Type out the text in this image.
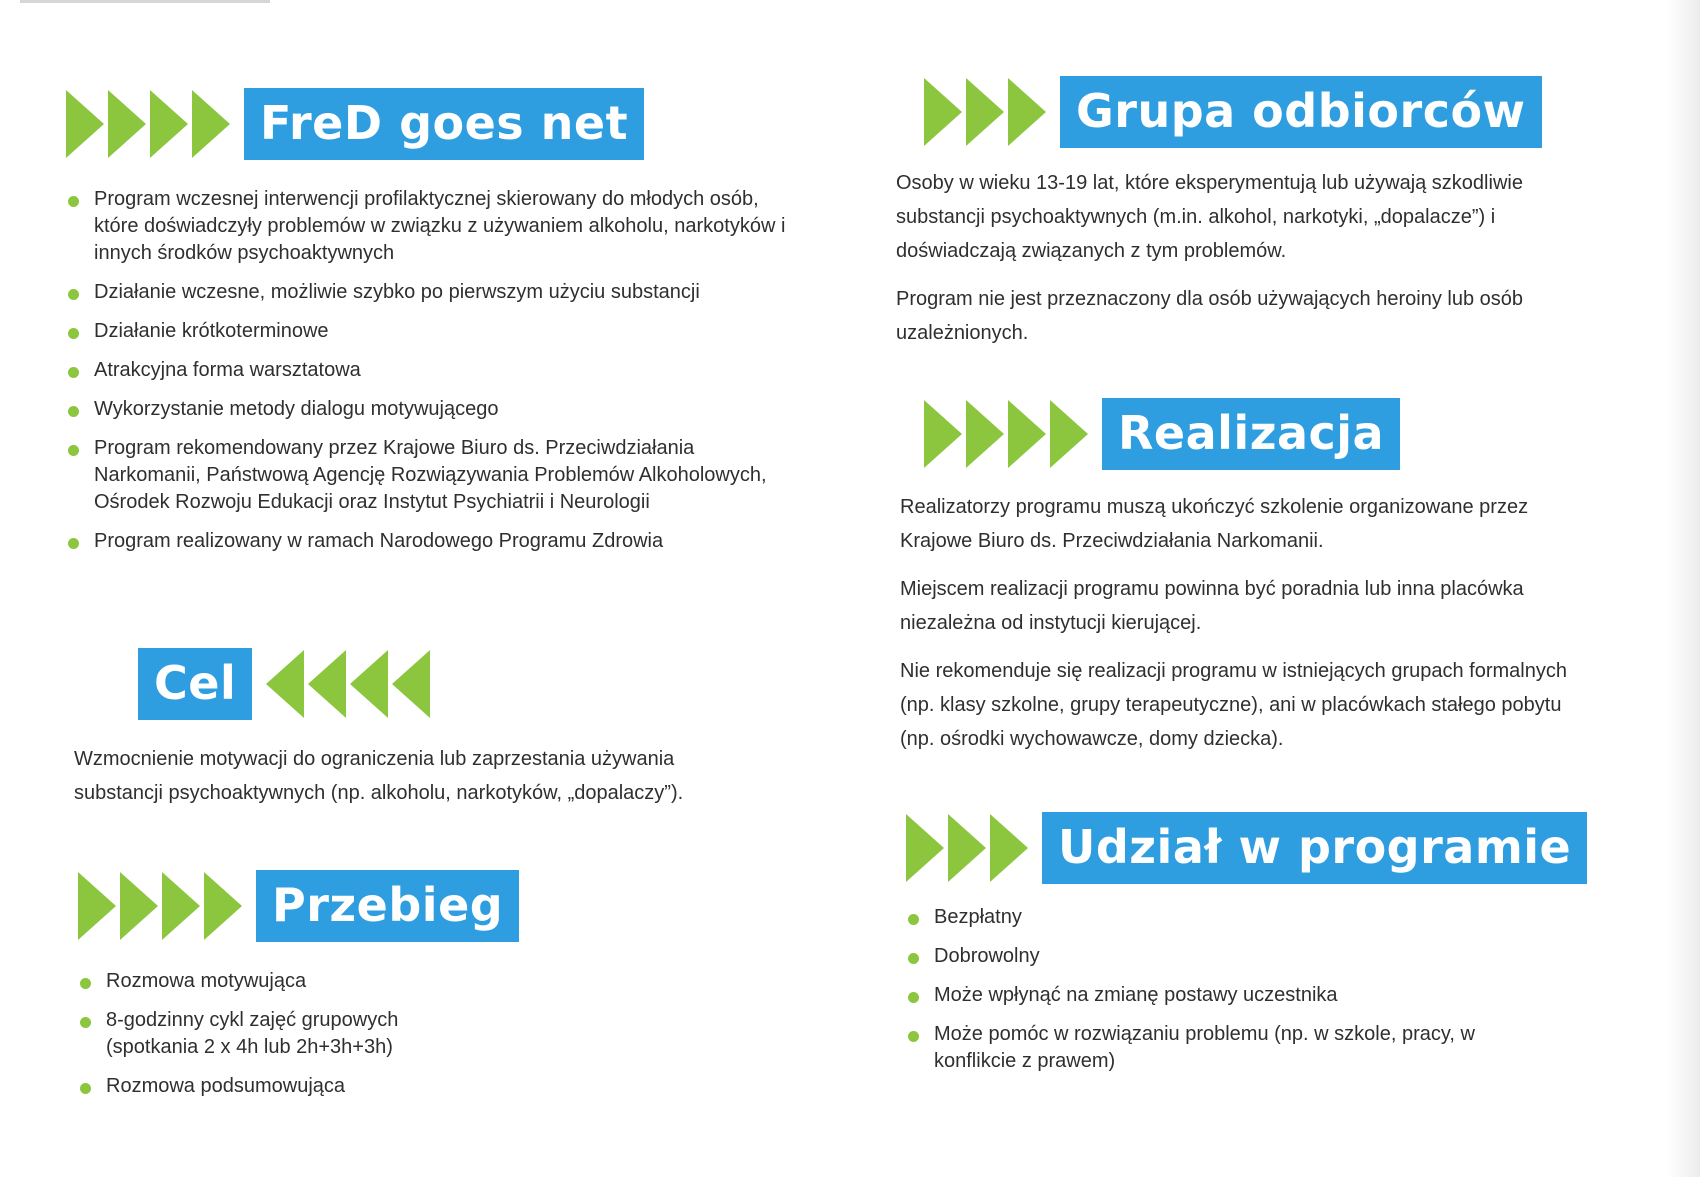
FreD goes net
Program wczesnej interwencji profilaktycznej skierowany do młodych osób, które doświadczyły problemów w związku z używaniem alkoholu, narkotyków i innych środków psychoaktywnych
Działanie wczesne, możliwie szybko po pierwszym użyciu substancji
Działanie krótkoterminowe
Atrakcyjna forma warsztatowa
Wykorzystanie metody dialogu motywującego
Program rekomendowany przez Krajowe Biuro ds. Przeciwdziałania Narkomanii, Państwową Agencję Rozwiązywania Problemów Alkoholowych, Ośrodek Rozwoju Edukacji oraz Instytut Psychiatrii i Neurologii
Program realizowany w ramach Narodowego Programu Zdrowia
Cel

Wzmocnienie motywacji do ograniczenia lub zaprzestania używania substancji psychoaktywnych (np. alkoholu, narkotyków, „dopalaczy”).

Przebieg
Rozmowa motywująca
8-godzinny cykl zajęć grupowych (spotkania 2 x 4h lub 2h+3h+3h)
Rozmowa podsumowująca
Grupa odbiorców

Osoby w wieku 13-19 lat, które eksperymentują lub używają szkodliwie substancji psychoaktywnych (m.in. alkohol, narkotyki, „dopalacze”) i doświadczają związanych z tym problemów.

Program nie jest przeznaczony dla osób używających heroiny lub osób uzależnionych.

Realizacja

Realizatorzy programu muszą ukończyć szkolenie organizowane przez Krajowe Biuro ds. Przeciwdziałania Narkomanii.

Miejscem realizacji programu powinna być poradnia lub inna placówka niezależna od instytucji kierującej.

Nie rekomenduje się realizacji programu w istniejących grupach formalnych (np. klasy szkolne, grupy terapeutyczne), ani w placówkach stałego pobytu (np. ośrodki wychowawcze, domy dziecka).

Udział w programie
Bezpłatny
Dobrowolny
Może wpłynąć na zmianę postawy uczestnika
Może pomóc w rozwiązaniu problemu (np. w szkole, pracy, w konflikcie z prawem)
